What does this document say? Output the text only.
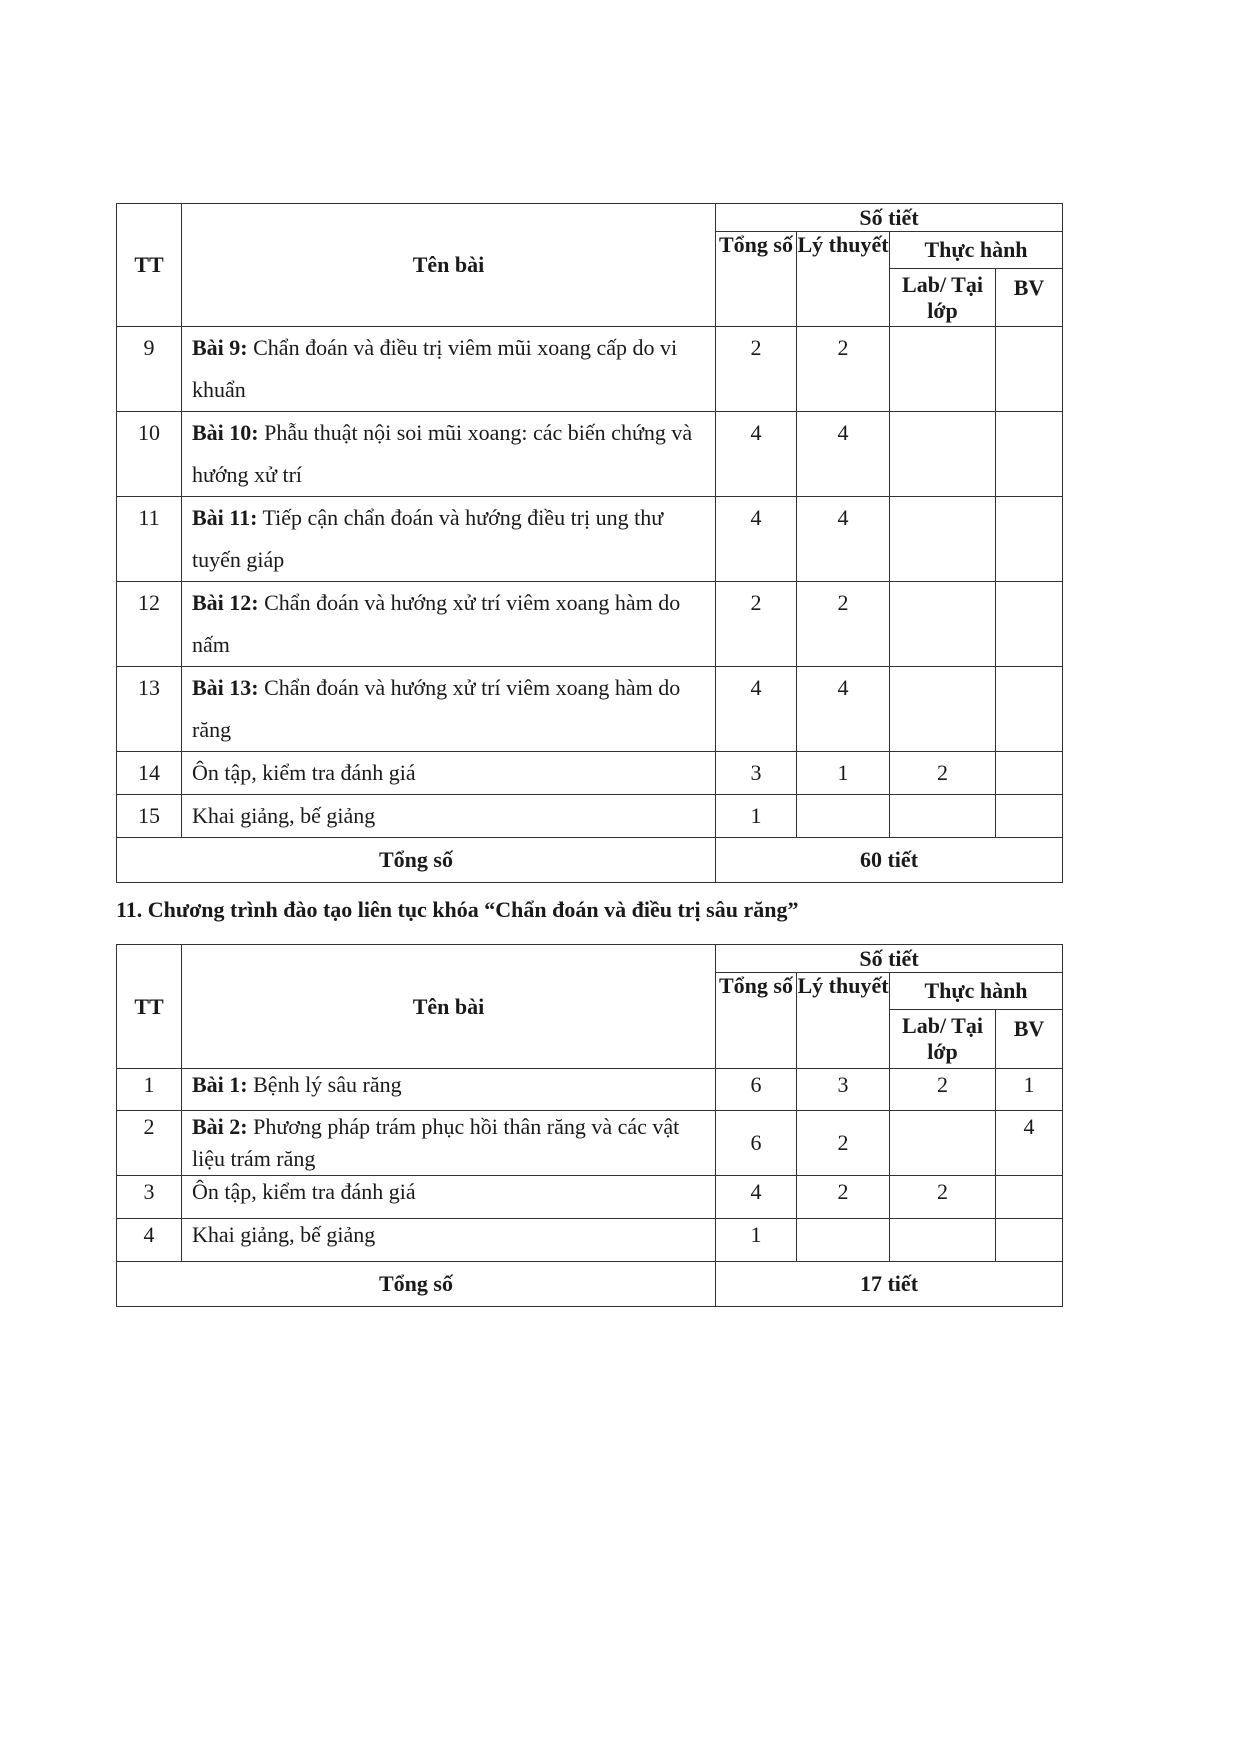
TT	Tên bài	Số tiết			
		Tổng số	Lý thuyết	Thực hành	
				Lab/ Tại lớp	BV
9	Bài 9: Chẩn đoán và điều trị viêm mũi xoang cấp do vi khuẩn	2	2		
10	Bài 10: Phẫu thuật nội soi mũi xoang: các biến chứng và hướng xử trí	4	4		
11	Bài 11: Tiếp cận chẩn đoán và hướng điều trị ung thư tuyến giáp	4	4		
12	Bài 12: Chẩn đoán và hướng xử trí viêm xoang hàm do nấm	2	2		
13	Bài 13: Chẩn đoán và hướng xử trí viêm xoang hàm do răng	4	4		
14	Ôn tập, kiểm tra đánh giá	3	1	2	
15	Khai giảng, bế giảng	1			
Tổng số		60 tiết			

11. Chương trình đào tạo liên tục khóa “Chẩn đoán và điều trị sâu răng”

TT	Tên bài	Số tiết			
		Tổng số	Lý thuyết	Thực hành	
				Lab/ Tại lớp	BV
1	Bài 1: Bệnh lý sâu răng	6	3	2	1
2	Bài 2: Phương pháp trám phục hồi thân răng và các vật liệu trám răng	6	2		4
3	Ôn tập, kiểm tra đánh giá	4	2	2	
4	Khai giảng, bế giảng	1			
Tổng số		17 tiết			
